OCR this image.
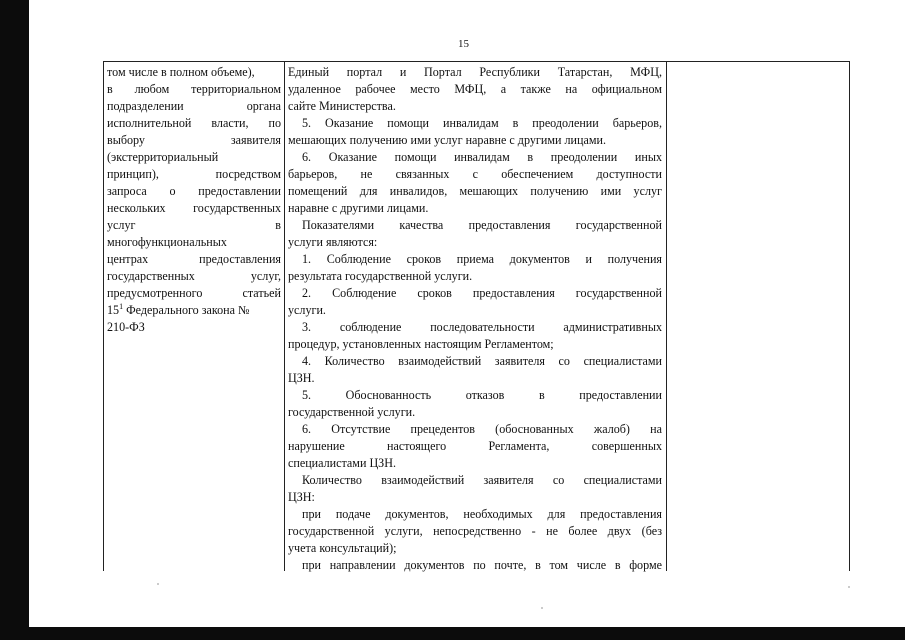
15
том числе в полном объеме),
в любом территориальном
подразделении органа
исполнительной власти, по
выбору заявителя
(экстерриториальный
принцип), посредством
запроса о предоставлении
нескольких государственных
услуг в
многофункциональных
центрах предоставления
государственных услуг,
предусмотренного статьей
$15^1$ Федерального закона №
210-ФЗ
Единый портал и Портал Республики Татарстан, МФЦ,
удаленное рабочее место МФЦ, а также на официальном
сайте Министерства.
5. Оказание помощи инвалидам в преодолении барьеров,
мешающих получению ими услуг наравне с другими лицами.
6. Оказание помощи инвалидам в преодолении иных
барьеров, не связанных с обеспечением доступности
помещений для инвалидов, мешающих получению ими услуг
наравне с другими лицами.
Показателями качества предоставления государственной
услуги являются:
1. Соблюдение сроков приема документов и получения
результата государственной услуги.
2. Соблюдение сроков предоставления государственной
услуги.
3. соблюдение последовательности административных
процедур, установленных настоящим Регламентом;
4. Количество взаимодействий заявителя со специалистами
ЦЗН.
5. Обоснованность отказов в предоставлении
государственной услуги.
6. Отсутствие прецедентов (обоснованных жалоб) на
нарушение настоящего Регламента, совершенных
специалистами ЦЗН.
Количество взаимодействий заявителя со специалистами
ЦЗН:
при подаче документов, необходимых для предоставления
государственной услуги, непосредственно - не более двух (без
учета консультаций);
при направлении документов по почте, в том числе в форме
